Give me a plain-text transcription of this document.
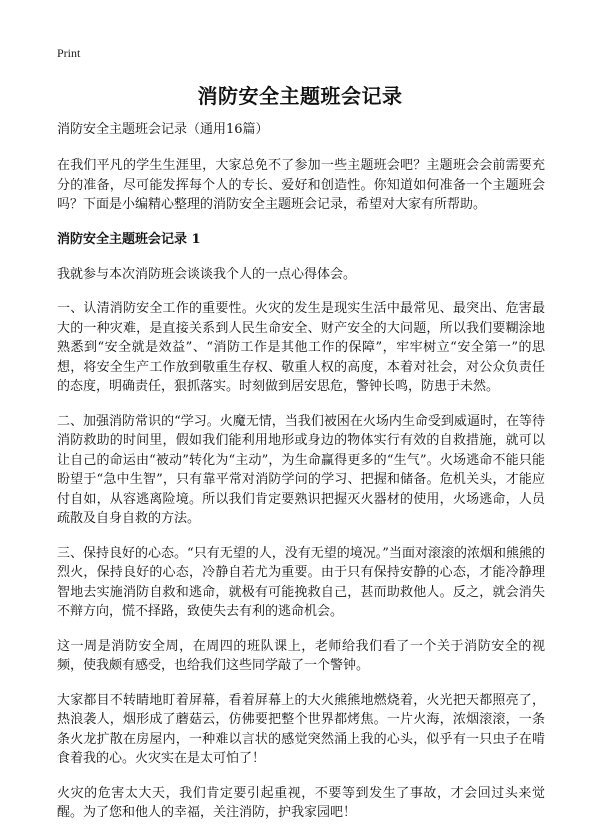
Print
消防安全主题班会记录

消防安全主题班会记录（通用16篇）

在我们平凡的学生生涯里，大家总免不了参加一些主题班会吧？主题班会会前需要充分的准备，尽可能发挥每个人的专长、爱好和创造性。你知道如何准备一个主题班会吗？下面是小编精心整理的消防安全主题班会记录，希望对大家有所帮助。

消防安全主题班会记录 1

我就参与本次消防班会谈谈我个人的一点心得体会。

一、认清消防安全工作的重要性。火灾的发生是现实生活中最常见、最突出、危害最大的一种灾难，是直接关系到人民生命安全、财产安全的大问题，所以我们要糊涂地熟悉到“安全就是效益”、“消防工作是其他工作的保障”，牢牢树立“安全第一”的思想，将安全生产工作放到敬重生存权、敬重人权的高度，本着对社会，对公众负责任的态度，明确责任，狠抓落实。时刻做到居安思危，警钟长鸣，防患于未然。

二、加强消防常识的“学习。火魔无情，当我们被困在火场内生命受到威逼时，在等待消防救助的时间里，假如我们能利用地形或身边的物体实行有效的自救措施，就可以让自己的命运由“被动”转化为“主动”，为生命赢得更多的“生气”。火场逃命不能只能盼望于“急中生智”，只有靠平常对消防学问的学习、把握和储备。危机关头，才能应付自如，从容逃离险境。所以我们肯定要熟识把握灭火器材的使用，火场逃命，人员疏散及自身自救的方法。

三、保持良好的心态。“只有无望的人，没有无望的境况。”当面对滚滚的浓烟和熊熊的烈火，保持良好的心态，冷静自若尤为重要。由于只有保持安静的心态，才能冷静理智地去实施消防自救和逃命，就极有可能挽救自己，甚而助救他人。反之，就会消失不辩方向，慌不择路，致使失去有利的逃命机会。

这一周是消防安全周，在周四的班队课上，老师给我们看了一个关于消防安全的视频，使我颇有感受，也给我们这些同学敲了一个警钟。

大家都目不转睛地盯着屏幕，看着屏幕上的大火熊熊地燃烧着，火光把天都照亮了，热浪袭人，烟形成了蘑菇云，仿佛要把整个世界都烤焦。一片火海，浓烟滚滚，一条条火龙扩散在房屋内，一种难以言状的感觉突然涌上我的心头，似乎有一只虫子在啃食着我的心。火灾实在是太可怕了！

火灾的危害太大天，我们肯定要引起重视，不要等到发生了事故，才会回过头来觉醒。为了您和他人的幸福，关注消防，护我家园吧！
